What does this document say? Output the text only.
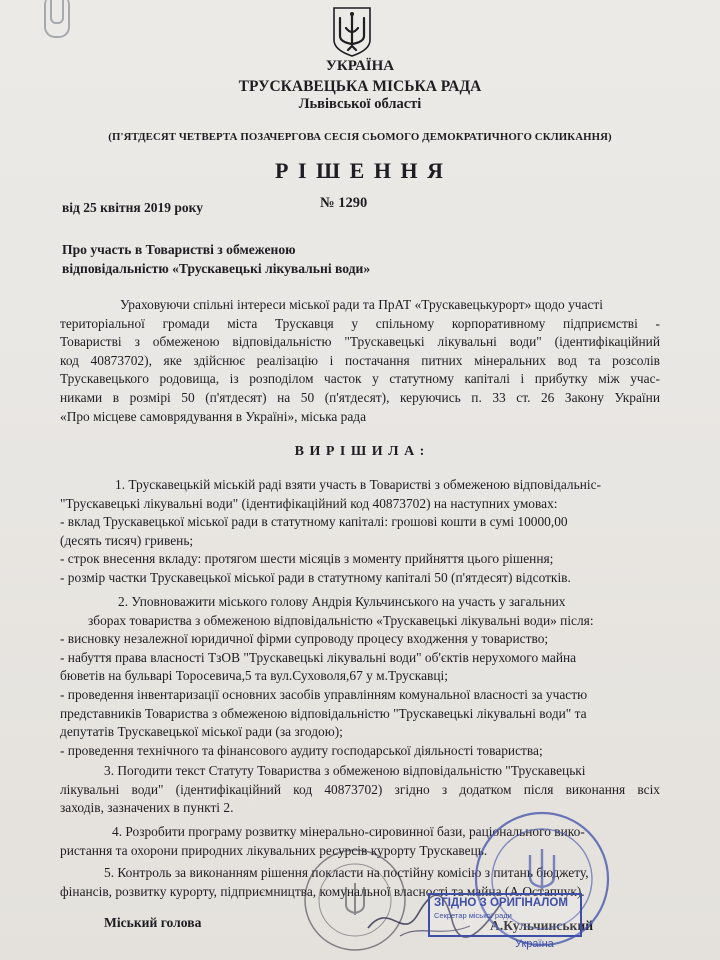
УКРАЇНА
ТРУСКАВЕЦЬКА МІСЬКА РАДА
Львівської області
(П'ЯТДЕСЯТ ЧЕТВЕРТА ПОЗАЧЕРГОВА СЕСІЯ СЬОМОГО ДЕМОКРАТИЧНОГО СКЛИКАННЯ)
Р І Ш Е Н Н Я
від 25 квітня 2019 року	№ 1290
Про участь в Товаристві з обмеженою
відповідальністю «Трускавецькі лікувальні води»
Ураховуючи спільні інтереси міської ради та ПрАТ «Трускавецькурорт» щодо участі
територіальної громади міста Трускавця у спільному корпоративному підприємстві -
Товаристві з обмеженою відповідальністю "Трускавецькі лікувальні води" (ідентифікаційний
код 40873702), яке здійснює реалізацію і постачання питних мінеральних вод та розсолів
Трускавецького родовища, із розподілом часток у статутному капіталі і прибутку між учас-
никами в розмірі 50 (п'ятдесят) на 50 (п'ятдесят), керуючись п. 33 ст. 26 Закону України
«Про місцеве самоврядування в Україні», міська рада
В И Р І Ш И Л А :
1. Трускавецькій міській раді взяти участь в Товаристві з обмеженою відповідальніс-
"Трускавецькі лікувальні води" (ідентифікаційний код 40873702) на наступних умовах:
- вклад Трускавецької міської ради в статутному капіталі: грошові кошти в сумі 10000,00
(десять тисяч) гривень;
- строк внесення вкладу: протягом шести місяців з моменту прийняття цього рішення;
- розмір частки Трускавецької міської ради в статутному капіталі 50 (п'ятдесят) відсотків.
2. Уповноважити міського голову Андрія Кульчинського на участь у загальних
зборах товариства з обмеженою відповідальністю «Трускавецькі лікувальні води» після:
- висновку незалежної юридичної фірми супроводу процесу входження у товариство;
- набуття права власності ТзОВ "Трускавецькі лікувальні води" об'єктів нерухомого майна
бюветів на бульварі Торосевича,5 та вул.Суховоля,67 у м.Трускавці;
- проведення інвентаризації основних засобів управлінням комунальної власності за участю
представників Товариства з обмеженою відповідальністю "Трускавецькі лікувальні води" та
депутатів Трускавецької міської ради (за згодою);
- проведення технічного та фінансового аудиту господарської діяльності товариства;
3. Погодити текст Статуту Товариства з обмеженою відповідальністю "Трускавецькі
лікувальні води" (ідентифікаційний код 40873702) згідно з додатком після виконання всіх
заходів, зазначених в пункті 2.
4. Розробити програму розвитку мінерально-сировинної бази, раціонального вико-
ристання та охорони природних лікувальних ресурсів курорту Трускавець.
5. Контроль за виконанням рішення покласти на постійну комісію з питань бюджету,
фінансів, розвитку курорту, підприємництва, комунальної власності та майна (А.Остапчук).
Міський голова	А.Кульчинський
ЗГІДНО З ОРИГІНАЛОМ
Секретар міської ради
Україна
